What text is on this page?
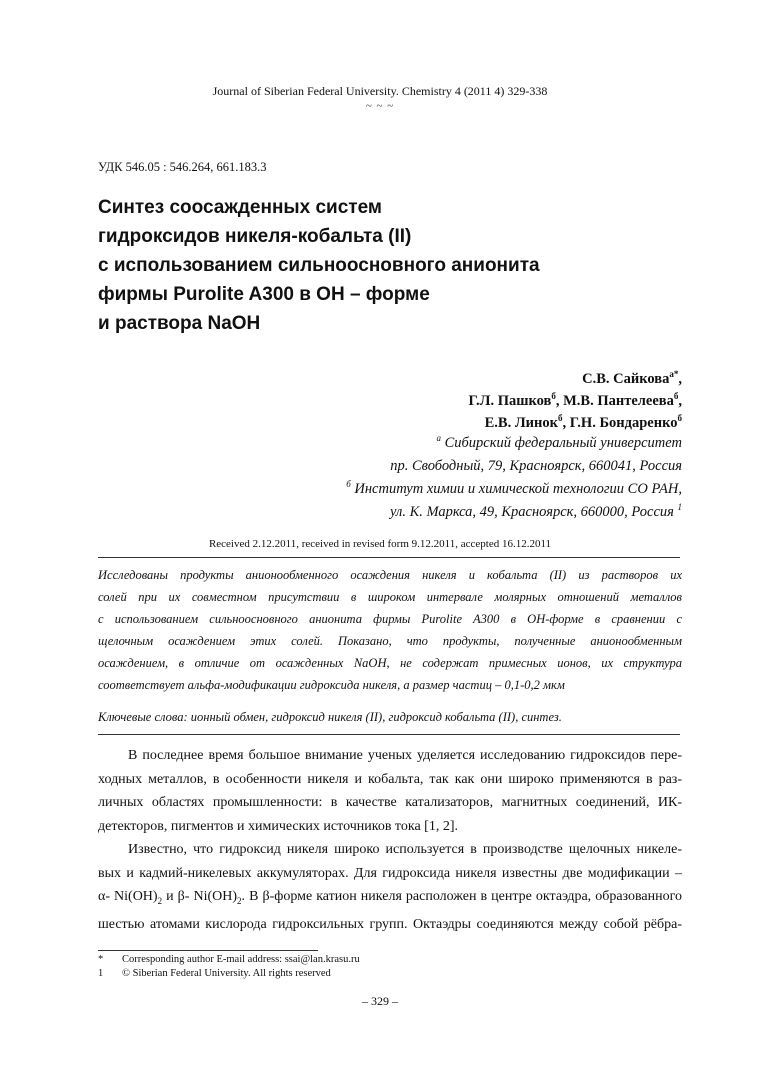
Journal of Siberian Federal University. Chemistry 4 (2011 4) 329-338
~ ~ ~
УДК 546.05 : 546.264, 661.183.3
Синтез соосажденных систем
гидроксидов никеля-кобальта (II)
с использованием сильноосновного анионита
фирмы Purolite A300 в OH – форме
и раствора NaOH
С.В. Сайкова$^{а*}$,
Г.Л. Пашков$^б$, М.В. Пантелеева$^б$,
Е.В. Линок$^б$, Г.Н. Бондаренко$^б$
$^а$ Сибирский федеральный университет
пр. Свободный, 79, Красноярск, 660041, Россия
$^б$ Институт химии и химической технологии СО РАН,
ул. К. Маркса, 49, Красноярск, 660000, Россия $^1$
Received 2.12.2011, received in revised form 9.12.2011, accepted 16.12.2011
Исследованы продукты анионообменного осаждения никеля и кобальта (II) из растворов их
солей при их совместном присутствии в широком интервале молярных отношений металлов
с использованием сильноосновного анионита фирмы Purolite A300 в OH-форме в сравнении с
щелочным осаждением этих солей. Показано, что продукты, полученные анионообменным
осаждением, в отличие от осажденных NaOH, не содержат примесных ионов, их структура
соответствует альфа-модификации гидроксида никеля, а размер частиц – 0,1-0,2 мкм
Ключевые слова: ионный обмен, гидроксид никеля (II), гидроксид кобальта (II), синтез.
В последнее время большое внимание ученых уделяется исследованию гидроксидов пере-
ходных металлов, в особенности никеля и кобальта, так как они широко применяются в раз-
личных областях промышленности: в качестве катализаторов, магнитных соединений, ИК-
детекторов, пигментов и химических источников тока [1, 2].
Известно, что гидроксид никеля широко используется в производстве щелочных никеле-
вых и кадмий-никелевых аккумуляторах. Для гидроксида никеля известны две модификации –
α- $Ni(OH)_2$ и β- $Ni(OH)_2$. В β-форме катион никеля расположен в центре октаэдра, образованного
шестью атомами кислорода гидроксильных групп. Октаэдры соединяются между собой рёбра-
* Corresponding author E-mail address: ssai@lan.krasu.ru
1 © Siberian Federal University. All rights reserved
– 329 –
